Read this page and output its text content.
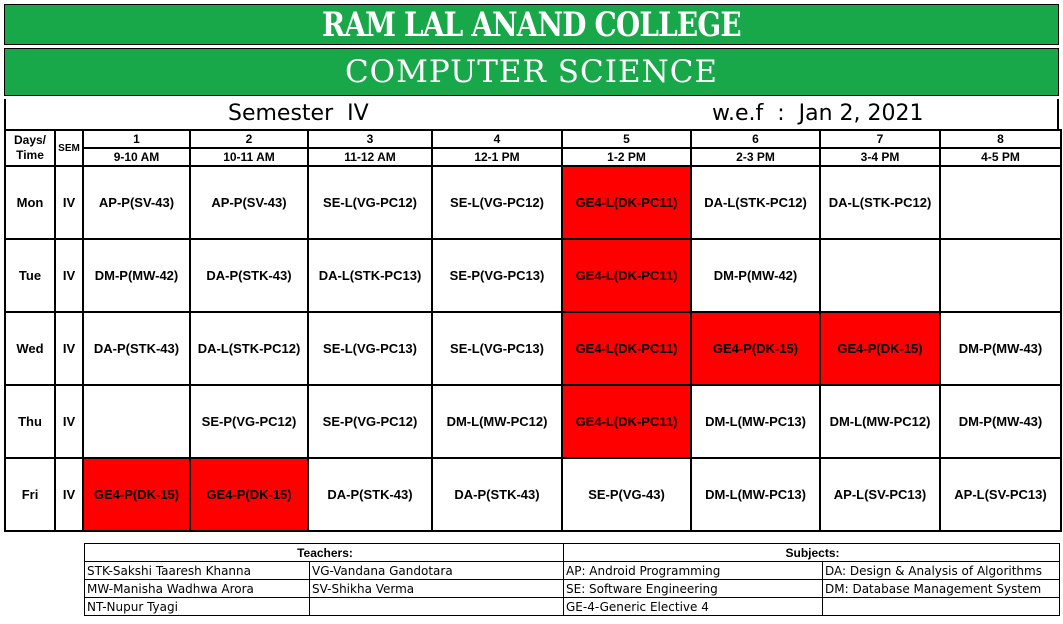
RAM LAL ANAND COLLEGE
COMPUTER SCIENCE
Semester  IV	w.e.f  :  Jan 2, 2021
Days/
Time	SEM	1	2	3	4	5	6	7	8
		9-10 AM	10-11 AM	11-12 AM	12-1 PM	1-2 PM	2-3 PM	3-4 PM	4-5 PM
Mon	IV	AP-P(SV-43)	AP-P(SV-43)	SE-L(VG-PC12)	SE-L(VG-PC12)	GE4-L(DK-PC11)	DA-L(STK-PC12)	DA-L(STK-PC12)	
Tue	IV	DM-P(MW-42)	DA-P(STK-43)	DA-L(STK-PC13)	SE-P(VG-PC13)	GE4-L(DK-PC11)	DM-P(MW-42)		
Wed	IV	DA-P(STK-43)	DA-L(STK-PC12)	SE-L(VG-PC13)	SE-L(VG-PC13)	GE4-L(DK-PC11)	GE4-P(DK-15)	GE4-P(DK-15)	DM-P(MW-43)
Thu	IV		SE-P(VG-PC12)	SE-P(VG-PC12)	DM-L(MW-PC12)	GE4-L(DK-PC11)	DM-L(MW-PC13)	DM-L(MW-PC12)	DM-P(MW-43)
Fri	IV	GE4-P(DK-15)	GE4-P(DK-15)	DA-P(STK-43)	DA-P(STK-43)	SE-P(VG-43)	DM-L(MW-PC13)	AP-L(SV-PC13)	AP-L(SV-PC13)
Teachers:		Subjects:	
STK-Sakshi Taaresh Khanna	VG-Vandana Gandotara	AP: Android Programming	DA: Design & Analysis of Algorithms
MW-Manisha Wadhwa Arora	SV-Shikha Verma	SE: Software Engineering	DM: Database Management System
NT-Nupur Tyagi		GE-4-Generic Elective 4	
